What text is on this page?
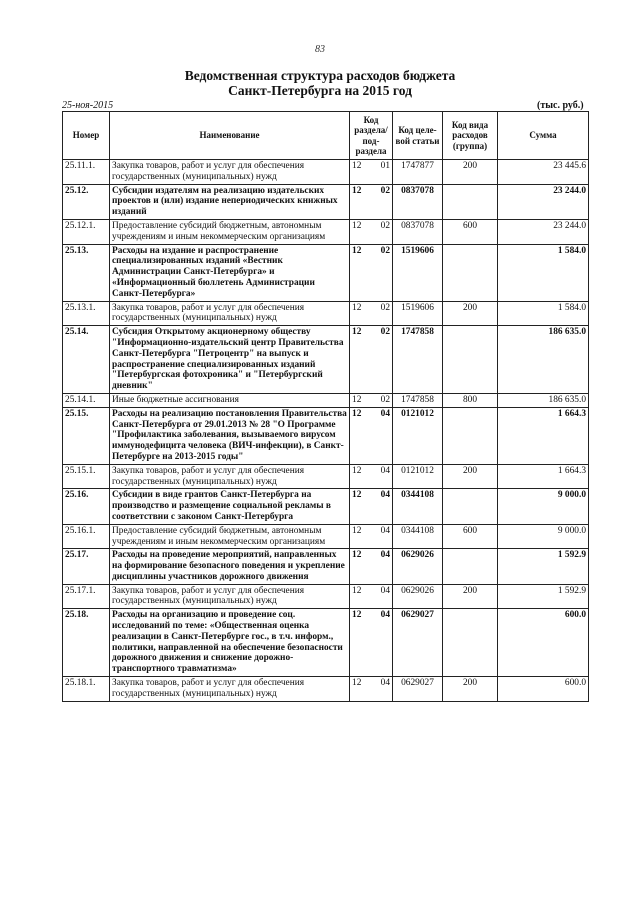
83
Ведомственная структура расходов бюджета
Санкт-Петербурга на 2015 год
25-ноя-2015	(тыс. руб.)
Номер	Наименование	Код раздела/ под-раздела	Код целе-вой статьи	Код вида расходов (группа)	Сумма
25.11.1.	Закупка товаров, работ и услуг для обеспечения государственных (муниципальных) нужд	12 01	1747877	200	23 445.6
25.12.	Субсидии издателям на реализацию издательских проектов и (или) издание непериодических книжных изданий	12 02	0837078		23 244.0
25.12.1.	Предоставление субсидий бюджетным, автономным учреждениям и иным некоммерческим организациям	12 02	0837078	600	23 244.0
25.13.	Расходы на издание и распространение специализированных изданий «Вестник Администрации Санкт-Петербурга» и «Информационный бюллетень Администрации Санкт-Петербурга»	12 02	1519606		1 584.0
25.13.1.	Закупка товаров, работ и услуг для обеспечения государственных (муниципальных) нужд	12 02	1519606	200	1 584.0
25.14.	Субсидия Открытому акционерному обществу "Информационно-издательский центр Правительства Санкт-Петербурга "Петроцентр" на выпуск и распространение специализированных изданий "Петербургская фотохроника" и "Петербургский дневник"	12 02	1747858		186 635.0
25.14.1.	Иные бюджетные ассигнования	12 02	1747858	800	186 635.0
25.15.	Расходы на реализацию постановления Правительства Санкт-Петербурга от 29.01.2013 № 28 "О Программе "Профилактика заболевания, вызываемого вирусом иммунодефицита человека (ВИЧ-инфекции), в Санкт-Петербурге на 2013-2015 годы"	12 04	0121012		1 664.3
25.15.1.	Закупка товаров, работ и услуг для обеспечения государственных (муниципальных) нужд	12 04	0121012	200	1 664.3
25.16.	Субсидии в виде грантов Санкт-Петербурга на производство и размещение социальной рекламы в соответствии с законом Санкт-Петербурга	12 04	0344108		9 000.0
25.16.1.	Предоставление субсидий бюджетным, автономным учреждениям и иным некоммерческим организациям	12 04	0344108	600	9 000.0
25.17.	Расходы на проведение мероприятий, направленных на формирование безопасного поведения и укрепление дисциплины участников дорожного движения	12 04	0629026		1 592.9
25.17.1.	Закупка товаров, работ и услуг для обеспечения государственных (муниципальных) нужд	12 04	0629026	200	1 592.9
25.18.	Расходы на организацию и проведение соц. исследований по теме: «Общественная оценка реализации в Санкт-Петербурге гос., в т.ч. информ., политики, направленной на обеспечение безопасности дорожного движения и снижение дорожно-транспортного травматизма»	12 04	0629027		600.0
25.18.1.	Закупка товаров, работ и услуг для обеспечения государственных (муниципальных) нужд	12 04	0629027	200	600.0
